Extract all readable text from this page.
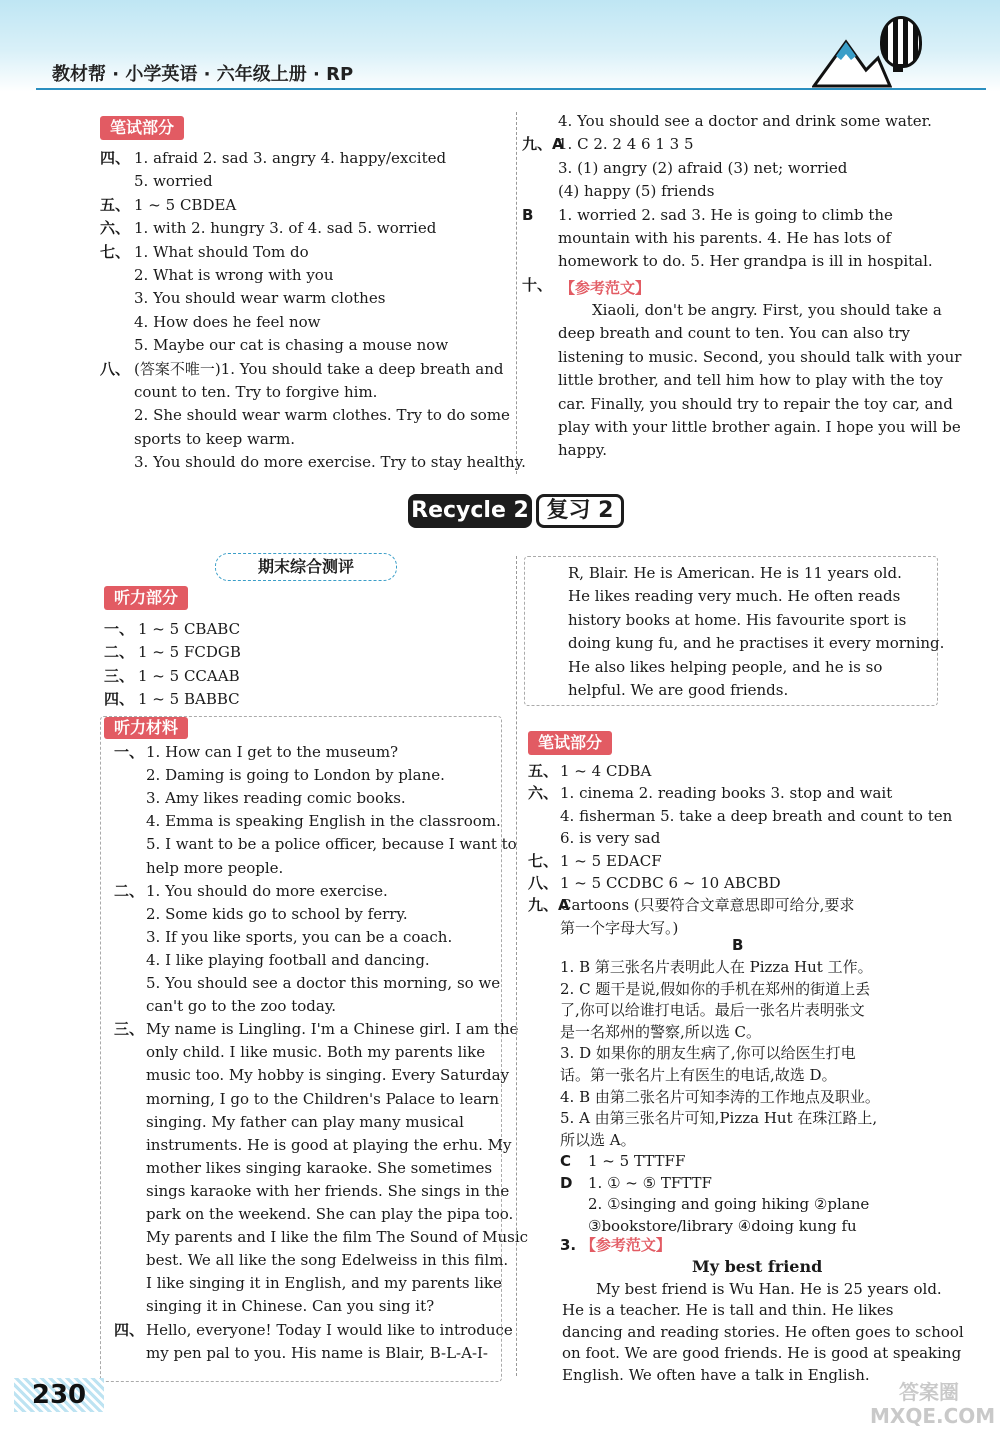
教材帮 · 小学英语 · 六年级上册 · RP
笔试部分
四、 1. afraid 2. sad 3. angry 4. happy/excited
5. worried
五、 1 ~ 5 CBDEA
六、 1. with 2. hungry 3. of 4. sad 5. worried
七、 1. What should Tom do
2. What is wrong with you
3. You should wear warm clothes
4. How does he feel now
5. Maybe our cat is chasing a mouse now
八、 (答案不唯一)1. You should take a deep breath and
count to ten. Try to forgive him.
2. She should wear warm clothes. Try to do some
sports to keep warm.
3. You should do more exercise. Try to stay healthy.
4. You should see a doctor and drink some water.
九、A1. C 2. 2 4 6 1 3 5
3. (1) angry (2) afraid (3) net; worried
(4) happy (5) friends
B 1. worried 2. sad 3. He is going to climb the
mountain with his parents. 4. He has lots of
homework to do. 5. Her grandpa is ill in hospital.
十、
Xiaoli, don't be angry. First, you should take a
deep breath and count to ten. You can also try
listening to music. Second, you should talk with your
little brother, and tell him how to play with the toy
car. Finally, you should try to repair the toy car, and
play with your little brother again. I hope you will be
happy.
Recycle 2 复习 2
期末综合测评
听力部分
一、 1 ~ 5 CBABC
二、 1 ~ 5 FCDGB
三、 1 ~ 5 CCAAB
四、 1 ~ 5 BABBC
听力材料
一、 1. How can I get to the museum?
2. Daming is going to London by plane.
3. Amy likes reading comic books.
4. Emma is speaking English in the classroom.
5. I want to be a police officer, because I want to
help more people.
二、 1. You should do more exercise.
2. Some kids go to school by ferry.
3. If you like sports, you can be a coach.
4. I like playing football and dancing.
5. You should see a doctor this morning, so we
can't go to the zoo today.
三、 My name is Lingling. I'm a Chinese girl. I am the
only child. I like music. Both my parents like
music too. My hobby is singing. Every Saturday
morning, I go to the Children's Palace to learn
singing. My father can play many musical
instruments. He is good at playing the erhu. My
mother likes singing karaoke. She sometimes
sings karaoke with her friends. She sings in the
park on the weekend. She can play the pipa too.
My parents and I like the film The Sound of Music
best. We all like the song Edelweiss in this film.
I like singing it in English, and my parents like
singing it in Chinese. Can you sing it?
四、 Hello, everyone! Today I would like to introduce
my pen pal to you. His name is Blair, B-L-A-I-
R, Blair. He is American. He is 11 years old.
He likes reading very much. He often reads
history books at home. His favourite sport is
doing kung fu, and he practises it every morning.
He also likes helping people, and he is so
helpful. We are good friends.
笔试部分
五、 1 ~ 4 CDBA
六、 1. cinema 2. reading books 3. stop and wait
4. fisherman 5. take a deep breath and count to ten
6. is very sad
七、 1 ~ 5 EDACF
八、 1 ~ 5 CCDBC 6 ~ 10 ABCBD
九、ACartoons (只要符合文章意思即可给分,要求
第一个字母大写。)
B
1. B 第三张名片表明此人在 Pizza Hut 工作。
2. C 题干是说,假如你的手机在郑州的街道上丢
了,你可以给谁打电话。最后一张名片表明张文
是一名郑州的警察,所以选 C。
3. D 如果你的朋友生病了,你可以给医生打电
话。第一张名片上有医生的电话,故选 D。
4. B 由第二张名片可知李涛的工作地点及职业。
5. A 由第三张名片可知,Pizza Hut 在珠江路上,
所以选 A。
C 1 ~ 5 TTTFF
D 1. ① ~ ⑤ TFTTF
2. ①singing and going hiking ②plane
③bookstore/library ④doing kung fu
3. 【参考范文】
My best friend
My best friend is Wu Han. He is 25 years old.
He is a teacher. He is tall and thin. He likes
dancing and reading stories. He often goes to school
on foot. We are good friends. He is good at speaking
English. We often have a talk in English.
230	答案圈 MXQE.COM
【参考范文】
